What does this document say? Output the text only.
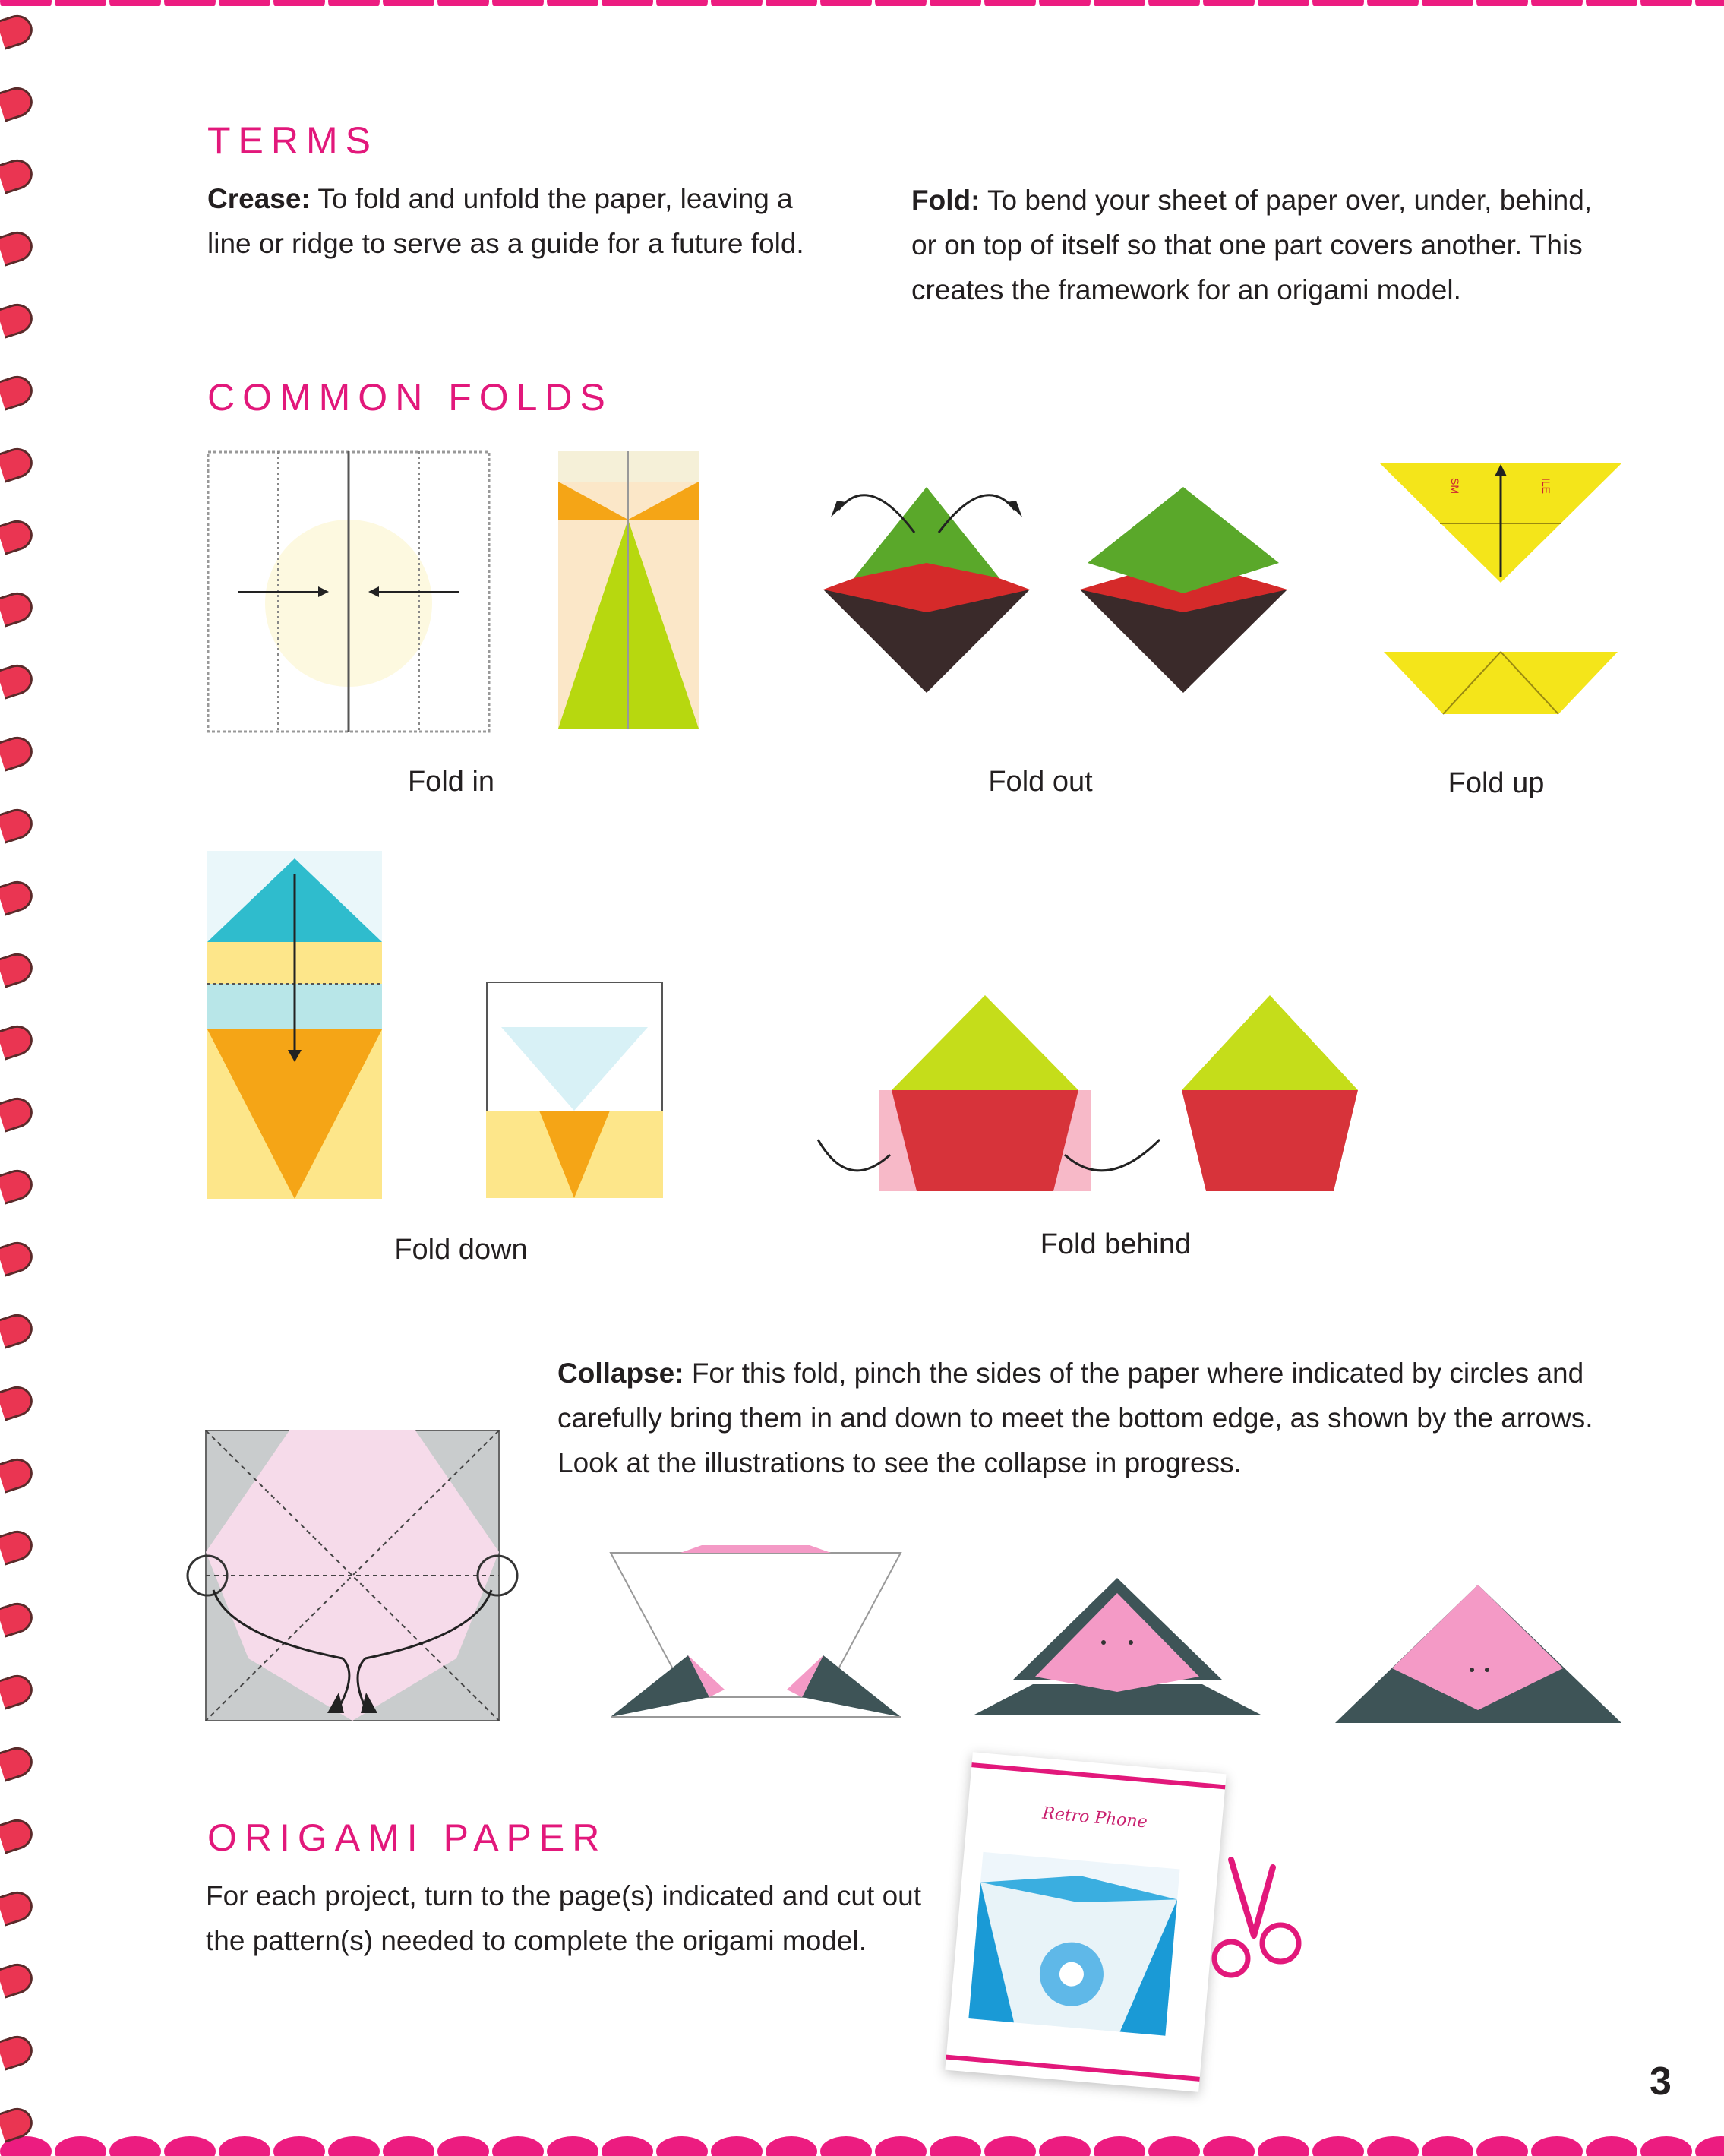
TERMS
Crease: To fold and unfold the paper, leaving a line or ridge to serve as a guide for a future fold.
Fold: To bend your sheet of paper over, under, behind, or on top of itself so that one part covers another. This creates the framework for an origami model.
COMMON FOLDS
Fold in	Fold out
SM	ILE
Fold up
Fold down	Fold behind
Collapse: For this fold, pinch the sides of the paper where indicated by circles and carefully bring them in and down to meet the bottom edge, as shown by the arrows. Look at the illustrations to see the collapse in progress.
ORIGAMI PAPER
For each project, turn to the page(s) indicated and cut out the pattern(s) needed to complete the origami model.
Retro Phone
3
